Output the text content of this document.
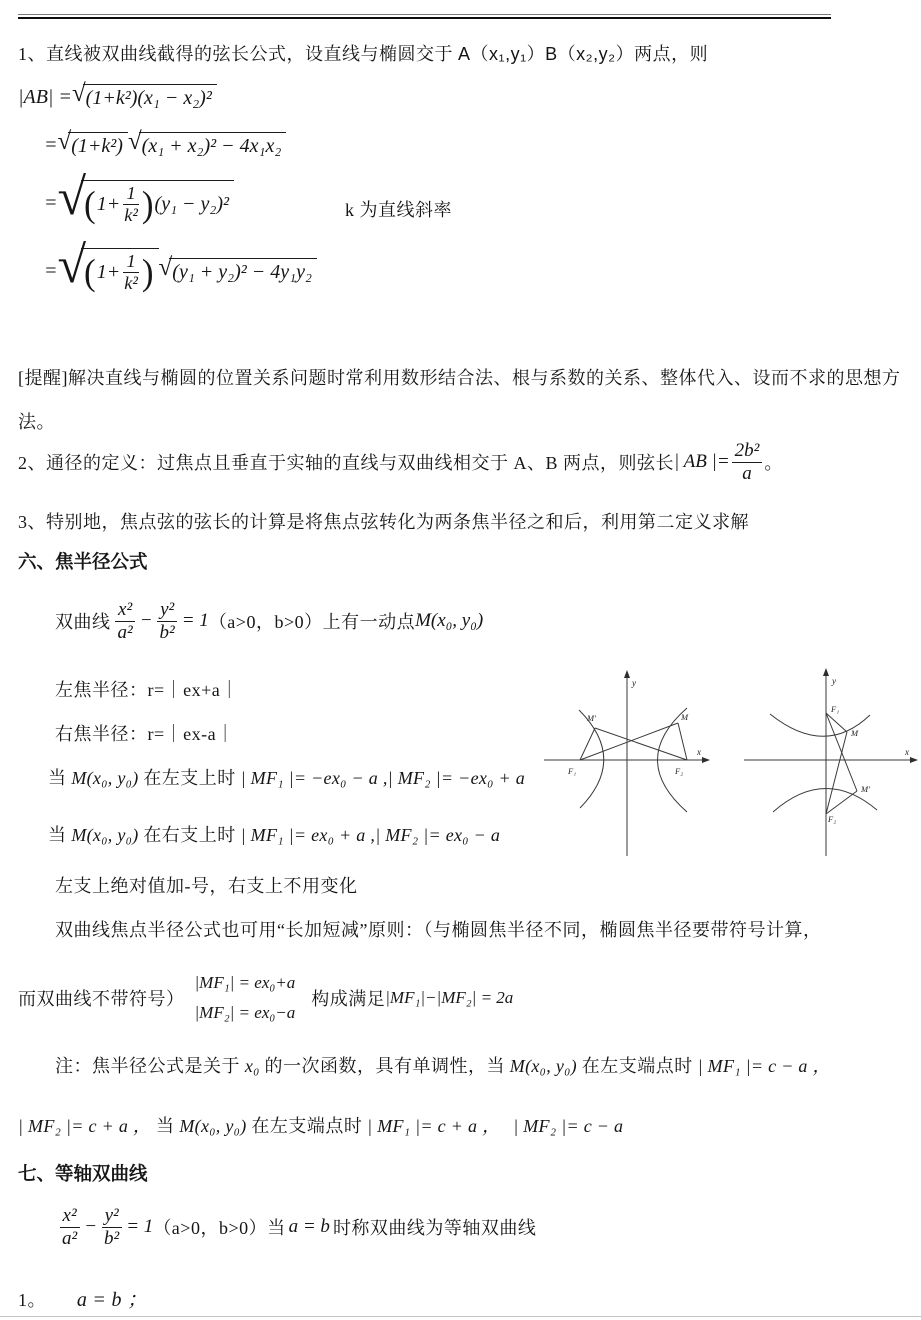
1、直线被双曲线截得的弦长公式，设直线与椭圆交于 A（x₁,y₁）B（x₂,y₂）两点，则
|AB| = √ (1+k²)(x₁ − x₂)²
= √ (1+k²) √ (x₁ + x₂)² − 4x₁x₂
= √
( $1+ \frac{1}{\text{k²}}$ ) (y₁ − y₂)²	k 为直线斜率
= √
( $1+ \frac{1}{\text{k²}}$ ) √ (y₁ + y₂)² − 4y₁y₂
[提醒]解决直线与椭圆的位置关系问题时常利用数形结合法、根与系数的关系、整体代入、设而不求的思想方法。
2、通径的定义：过焦点且垂直于实轴的直线与双曲线相交于 A、B 两点，则弦长 | AB |= $\frac{\text{2b²}}{a}$ 。
3、特别地，焦点弦的弦长的计算是将焦点弦转化为两条焦半径之和后，利用第二定义求解
六、焦半径公式
双曲线 $\frac{\text{x²}}{\text{a²}} - \frac{\text{y²}}{\text{b²}} = 1$ （a>0，b>0）上有一动点 M(x₀, y₀)
左焦半径：r=｜ex+a｜
右焦半径：r=｜ex-a｜
当 M(x₀, y₀) 在左支上时 | MF₁ |= −ex₀ − a ,| MF₂ |= −ex₀ + a
当 M(x₀, y₀) 在右支上时 | MF₁ |= ex₀ + a ,| MF₂ |= ex₀ − a
y
x
F₁	F₂
M′	M
y
x
F₁
F₂
M
M′
左支上绝对值加-号，右支上不用变化
双曲线焦点半径公式也可用“长加短减”原则：（与椭圆焦半径不同，椭圆焦半径要带符号计算，
而双曲线不带符号）
|MF₁| = ex₀+a
|MF₂| = ex₀−a
构成满足 |MF₁|−|MF₂| = 2a
注：焦半径公式是关于 x₀ 的一次函数，具有单调性，当 M(x₀, y₀) 在左支端点时 | MF₁ |= c − a ，
| MF₂ |= c + a ， 当 M(x₀, y₀) 在左支端点时 | MF₁ |= c + a ， | MF₂ |= c − a
七、等轴双曲线
$\frac{\text{x²}}{\text{a²}} - \frac{\text{y²}}{\text{b²}} = 1$ （a>0，b>0）当 a = b 时称双曲线为等轴双曲线
1。 a = b ；
